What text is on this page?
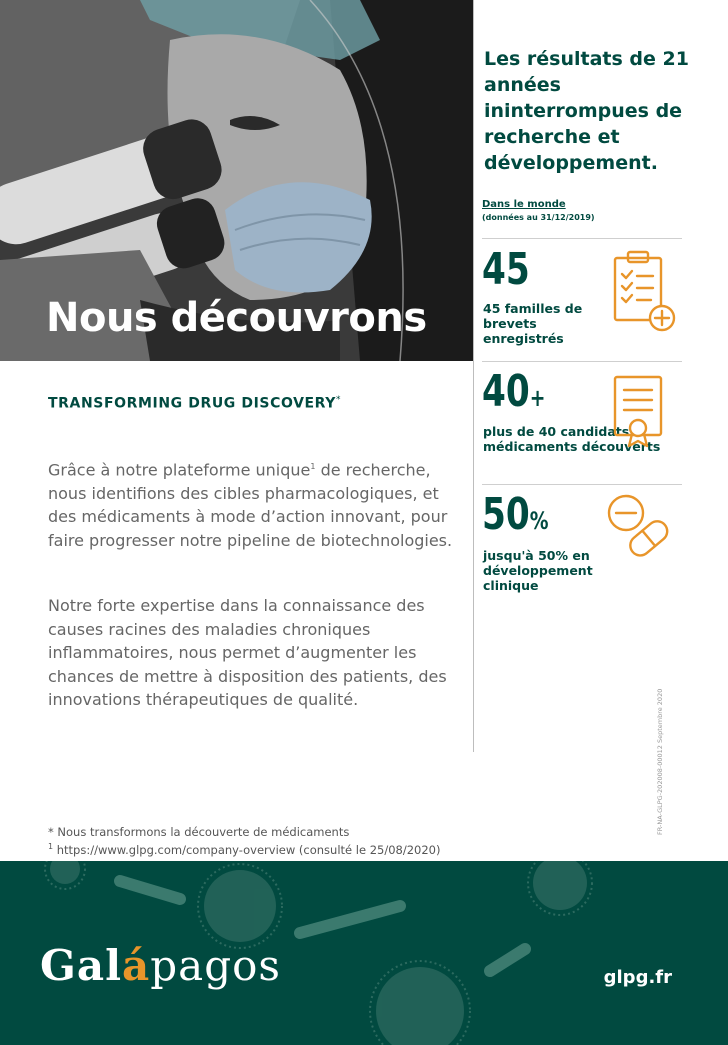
Nous découvrons
Les résultats de 21 années ininterrompues de recherche et développement.
Dans le monde
(données au 31/12/2019)
45
45 familles de brevets enregistrés
40+
plus de 40 candidats médicaments découverts
50%
jusqu'à 50% en développement clinique
TRANSFORMING DRUG DISCOVERY*
Grâce à notre plateforme unique$^1$ de recherche, nous identifions des cibles pharmacologiques, et des médicaments à mode d’action innovant, pour faire progresser notre pipeline de biotechnologies.
Notre forte expertise dans la connaissance des causes racines des maladies chroniques inflammatoires, nous permet d’augmenter les chances de mettre à disposition des patients, des innovations thérapeutiques de qualité.
* Nous transformons la découverte de médicaments
$^1$ https://www.glpg.com/company-overview (consulté le 25/08/2020)
FR-NA-GLPG-202008-00012 Septembre 2020
Galápagos	glpg.fr
